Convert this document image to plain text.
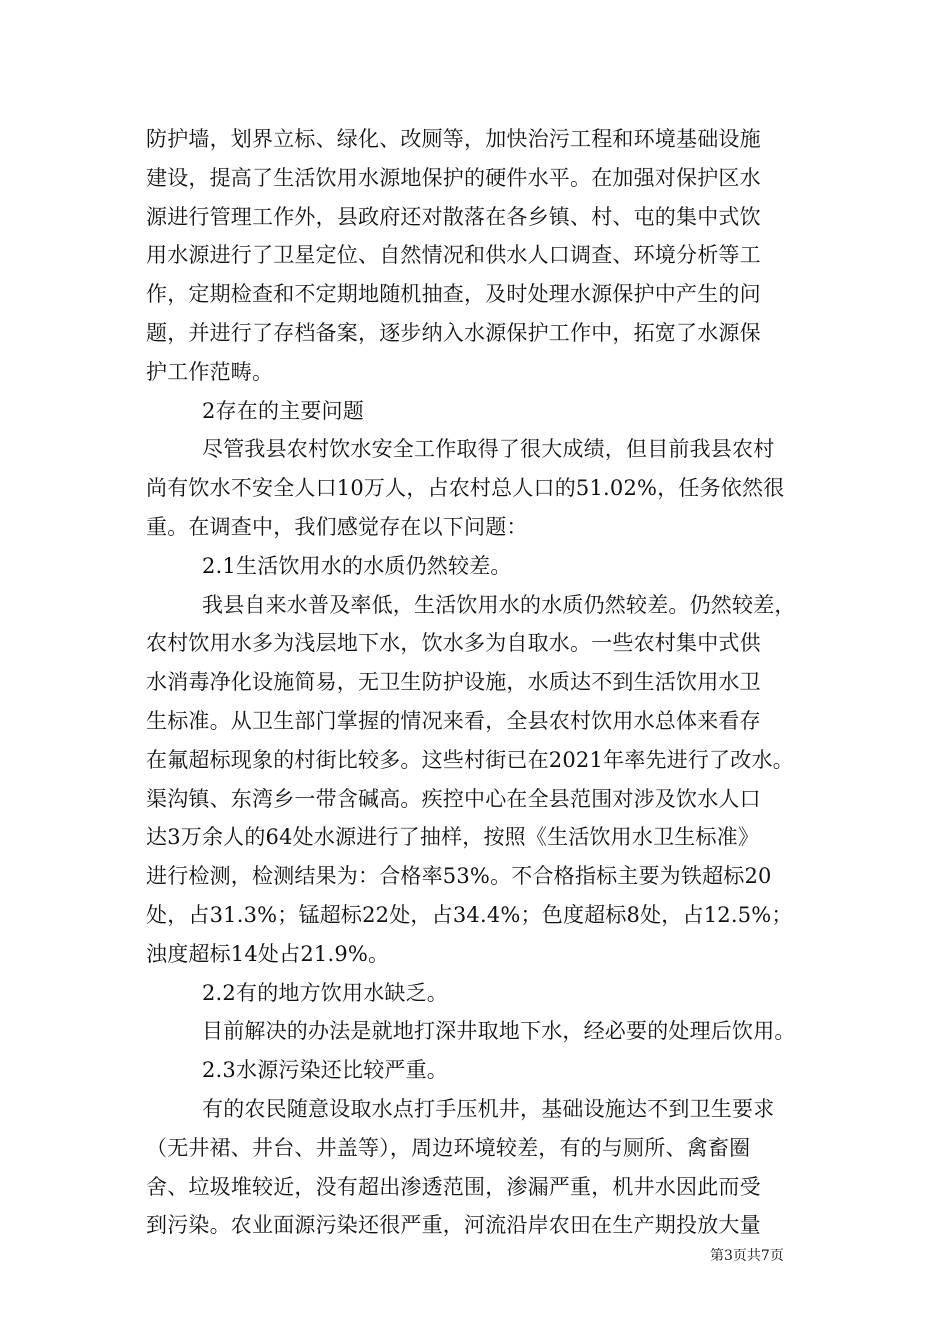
防护墙，划界立标、绿化、改厕等，加快治污工程和环境基础设施
建设，提高了生活饮用水源地保护的硬件水平。在加强对保护区水
源进行管理工作外，县政府还对散落在各乡镇、村、屯的集中式饮
用水源进行了卫星定位、自然情况和供水人口调查、环境分析等工
作，定期检查和不定期地随机抽查，及时处理水源保护中产生的问
题，并进行了存档备案，逐步纳入水源保护工作中，拓宽了水源保
护工作范畴。
2存在的主要问题
尽管我县农村饮水安全工作取得了很大成绩，但目前我县农村
尚有饮水不安全人口10万人，占农村总人口的51.02%，任务依然很
重。在调查中，我们感觉存在以下问题：
2.1生活饮用水的水质仍然较差。
我县自来水普及率低，生活饮用水的水质仍然较差。仍然较差，
农村饮用水多为浅层地下水，饮水多为自取水。一些农村集中式供
水消毒净化设施简易，无卫生防护设施，水质达不到生活饮用水卫
生标准。从卫生部门掌握的情况来看，全县农村饮用水总体来看存
在氟超标现象的村街比较多。这些村街已在2021年率先进行了改水。
渠沟镇、东湾乡一带含碱高。疾控中心在全县范围对涉及饮水人口
达3万余人的64处水源进行了抽样，按照《生活饮用水卫生标准》
进行检测，检测结果为：合格率53%。不合格指标主要为铁超标20
处，占31.3%；锰超标22处，占34.4%；色度超标8处，占12.5%；
浊度超标14处占21.9%。
2.2有的地方饮用水缺乏。
目前解决的办法是就地打深井取地下水，经必要的处理后饮用。
2.3水源污染还比较严重。
有的农民随意设取水点打手压机井，基础设施达不到卫生要求
（无井裙、井台、井盖等），周边环境较差，有的与厕所、禽畜圈
舍、垃圾堆较近，没有超出渗透范围，渗漏严重，机井水因此而受
到污染。农业面源污染还很严重，河流沿岸农田在生产期投放大量
第3页共7页
